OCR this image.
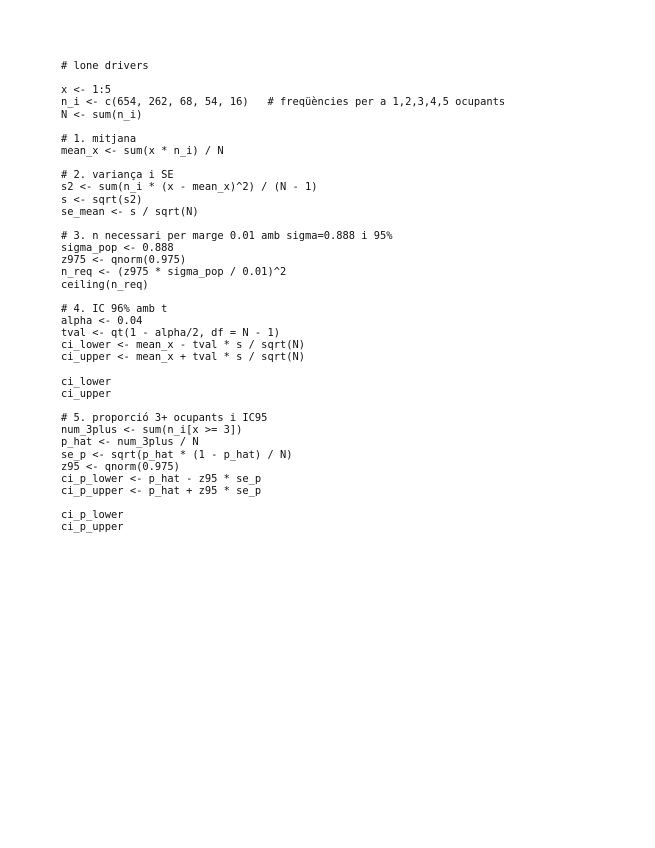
# lone drivers
x <- 1:5
n_i <- c(654, 262, 68, 54, 16)   # freqüències per a 1,2,3,4,5 ocupants
N <- sum(n_i)
# 1. mitjana
mean_x <- sum(x * n_i) / N
# 2. variança i SE
s2 <- sum(n_i * (x - mean_x)^2) / (N - 1)
s <- sqrt(s2)
se_mean <- s / sqrt(N)
# 3. n necessari per marge 0.01 amb sigma=0.888 i 95%
sigma_pop <- 0.888
z975 <- qnorm(0.975)
n_req <- (z975 * sigma_pop / 0.01)^2
ceiling(n_req)
# 4. IC 96% amb t
alpha <- 0.04
tval <- qt(1 - alpha/2, df = N - 1)
ci_lower <- mean_x - tval * s / sqrt(N)
ci_upper <- mean_x + tval * s / sqrt(N)
ci_lower
ci_upper
# 5. proporció 3+ ocupants i IC95
num_3plus <- sum(n_i[x >= 3])
p_hat <- num_3plus / N
se_p <- sqrt(p_hat * (1 - p_hat) / N)
z95 <- qnorm(0.975)
ci_p_lower <- p_hat - z95 * se_p
ci_p_upper <- p_hat + z95 * se_p
ci_p_lower
ci_p_upper
